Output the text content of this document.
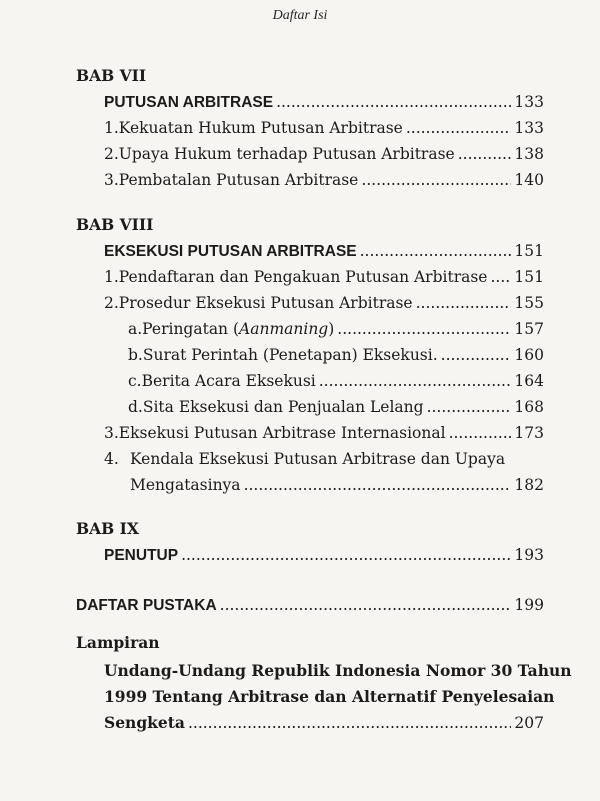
Daftar Isi
BAB VII
PUTUSAN ARBITRASE .....	133
1. Kekuatan Hukum Putusan Arbitrase .....	133
2. Upaya Hukum terhadap Putusan Arbitrase .....	138
3. Pembatalan Putusan Arbitrase .....	140
BAB VIII
EKSEKUSI PUTUSAN ARBITRASE .....	151
1. Pendaftaran dan Pengakuan Putusan Arbitrase ..... 151
2. Prosedur Eksekusi Putusan Arbitrase .....	155
a. Peringatan (Aanmaning) .....	157
b. Surat Perintah (Penetapan) Eksekusi. .....	160
c. Berita Acara Eksekusi .....	164
d. Sita Eksekusi dan Penjualan Lelang .....	168
3. Eksekusi Putusan Arbitrase Internasional .....	173
4. Kendala Eksekusi Putusan Arbitrase dan Upaya
Mengatasinya .....	182
BAB IX
PENUTUP .....	193
DAFTAR PUSTAKA .....	199
Lampiran
Undang-Undang Republik Indonesia Nomor 30 Tahun
1999 Tentang Arbitrase dan Alternatif Penyelesaian
Sengketa .....	207
